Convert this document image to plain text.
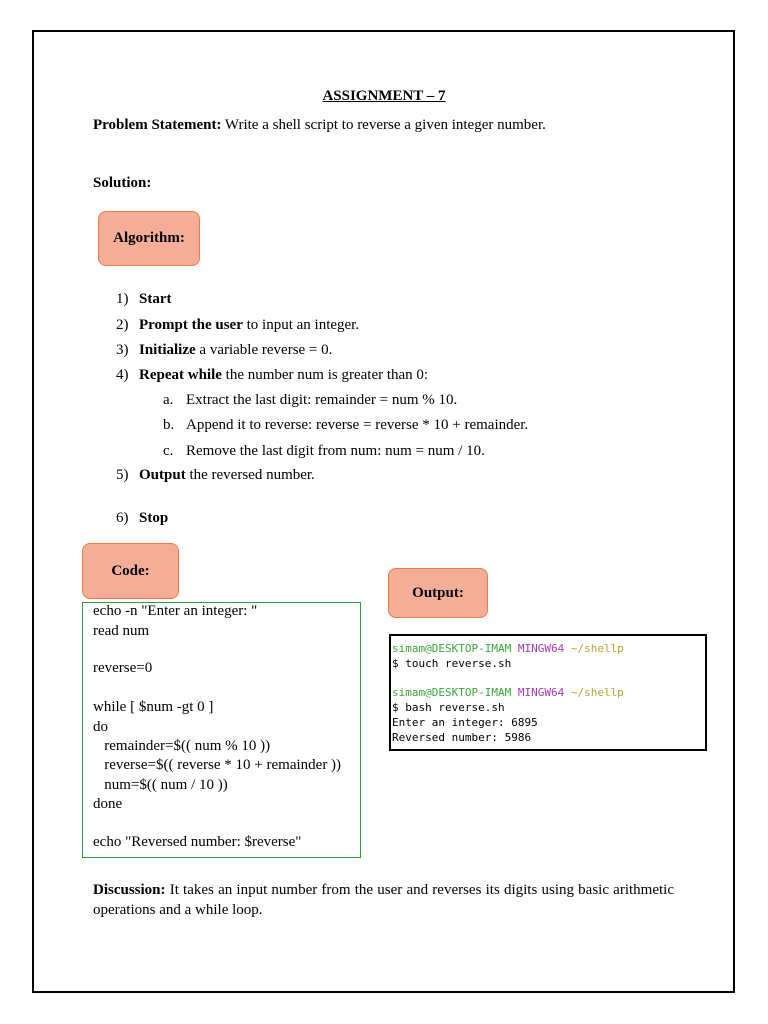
ASSIGNMENT – 7
Problem Statement: Write a shell script to reverse a given integer number.
Solution:
Algorithm:
1) Start
2) Prompt the user to input an integer.
3) Initialize a variable reverse = 0.
4) Repeat while the number num is greater than 0:
a. Extract the last digit: remainder = num % 10.
b. Append it to reverse: reverse = reverse * 10 + remainder.
c. Remove the last digit from num: num = num / 10.
5) Output the reversed number.
6) Stop
Code:
Output:
echo -n "Enter an integer: "
read num
reverse=0
while [ $num -gt 0 ]
do
remainder=$(( num % 10 ))
reverse=$(( reverse * 10 + remainder ))
num=$(( num / 10 ))
done
echo "Reversed number: $reverse"
simam@DESKTOP-IMAM MINGW64 ~/shellp
$ touch reverse.sh
simam@DESKTOP-IMAM MINGW64 ~/shellp
$ bash reverse.sh
Enter an integer: 6895
Reversed number: 5986
Discussion: It takes an input number from the user and reverses its digits using basic arithmetic operations and a while loop.
